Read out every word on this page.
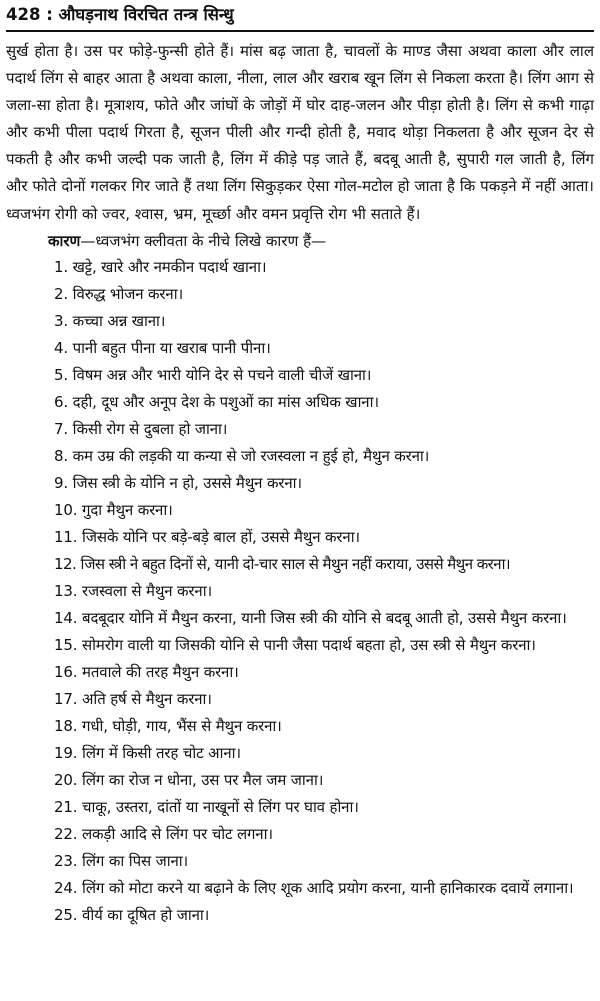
428 : औघड़नाथ विरचित तन्त्र सिन्धु

सुर्ख होता है। उस पर फोड़े-फुन्सी होते हैं। मांस बढ़ जाता है, चावलों के माण्ड जैसा अथवा काला और लाल पदार्थ लिंग से बाहर आता है अथवा काला, नीला, लाल और खराब खून लिंग से निकला करता है। लिंग आग से जला-सा होता है। मूत्राशय, फोते और जांघों के जोड़ों में घोर दाह-जलन और पीड़ा होती है। लिंग से कभी गाढ़ा और कभी पीला पदार्थ गिरता है, सूजन पीली और गन्दी होती है, मवाद थोड़ा निकलता है और सूजन देर से पकती है और कभी जल्दी पक जाती है, लिंग में कीड़े पड़ जाते हैं, बदबू आती है, सुपारी गल जाती है, लिंग और फोते दोनों गलकर गिर जाते हैं तथा लिंग सिकुड़कर ऐसा गोल-मटोल हो जाता है कि पकड़ने में नहीं आता। ध्वजभंग रोगी को ज्वर, श्वास, भ्रम, मूर्च्छा और वमन प्रवृत्ति रोग भी सताते हैं।

कारण—ध्वजभंग क्लीवता के नीचे लिखे कारण हैं—

1. खट्टे, खारे और नमकीन पदार्थ खाना।
2. विरुद्ध भोजन करना।
3. कच्चा अन्न खाना।
4. पानी बहुत पीना या खराब पानी पीना।
5. विषम अन्न और भारी योनि देर से पचने वाली चीजें खाना।
6. दही, दूध और अनूप देश के पशुओं का मांस अधिक खाना।
7. किसी रोग से दुबला हो जाना।
8. कम उम्र की लड़की या कन्या से जो रजस्वला न हुई हो, मैथुन करना।
9. जिस स्त्री के योनि न हो, उससे मैथुन करना।
10. गुदा मैथुन करना।
11. जिसके योनि पर बड़े-बड़े बाल हों, उससे मैथुन करना।
12. जिस स्त्री ने बहुत दिनों से, यानी दो-चार साल से मैथुन नहीं कराया, उससे मैथुन करना।
13. रजस्वला से मैथुन करना।
14. बदबूदार योनि में मैथुन करना, यानी जिस स्त्री की योनि से बदबू आती हो, उससे मैथुन करना।
15. सोमरोग वाली या जिसकी योनि से पानी जैसा पदार्थ बहता हो, उस स्त्री से मैथुन करना।
16. मतवाले की तरह मैथुन करना।
17. अति हर्ष से मैथुन करना।
18. गधी, घोड़ी, गाय, भैंस से मैथुन करना।
19. लिंग में किसी तरह चोट आना।
20. लिंग का रोज न धोना, उस पर मैल जम जाना।
21. चाकू, उस्तरा, दांतों या नाखूनों से लिंग पर घाव होना।
22. लकड़ी आदि से लिंग पर चोट लगना।
23. लिंग का पिस जाना।
24. लिंग को मोटा करने या बढ़ाने के लिए शूक आदि प्रयोग करना, यानी हानिकारक दवायें लगाना।
25. वीर्य का दूषित हो जाना।
